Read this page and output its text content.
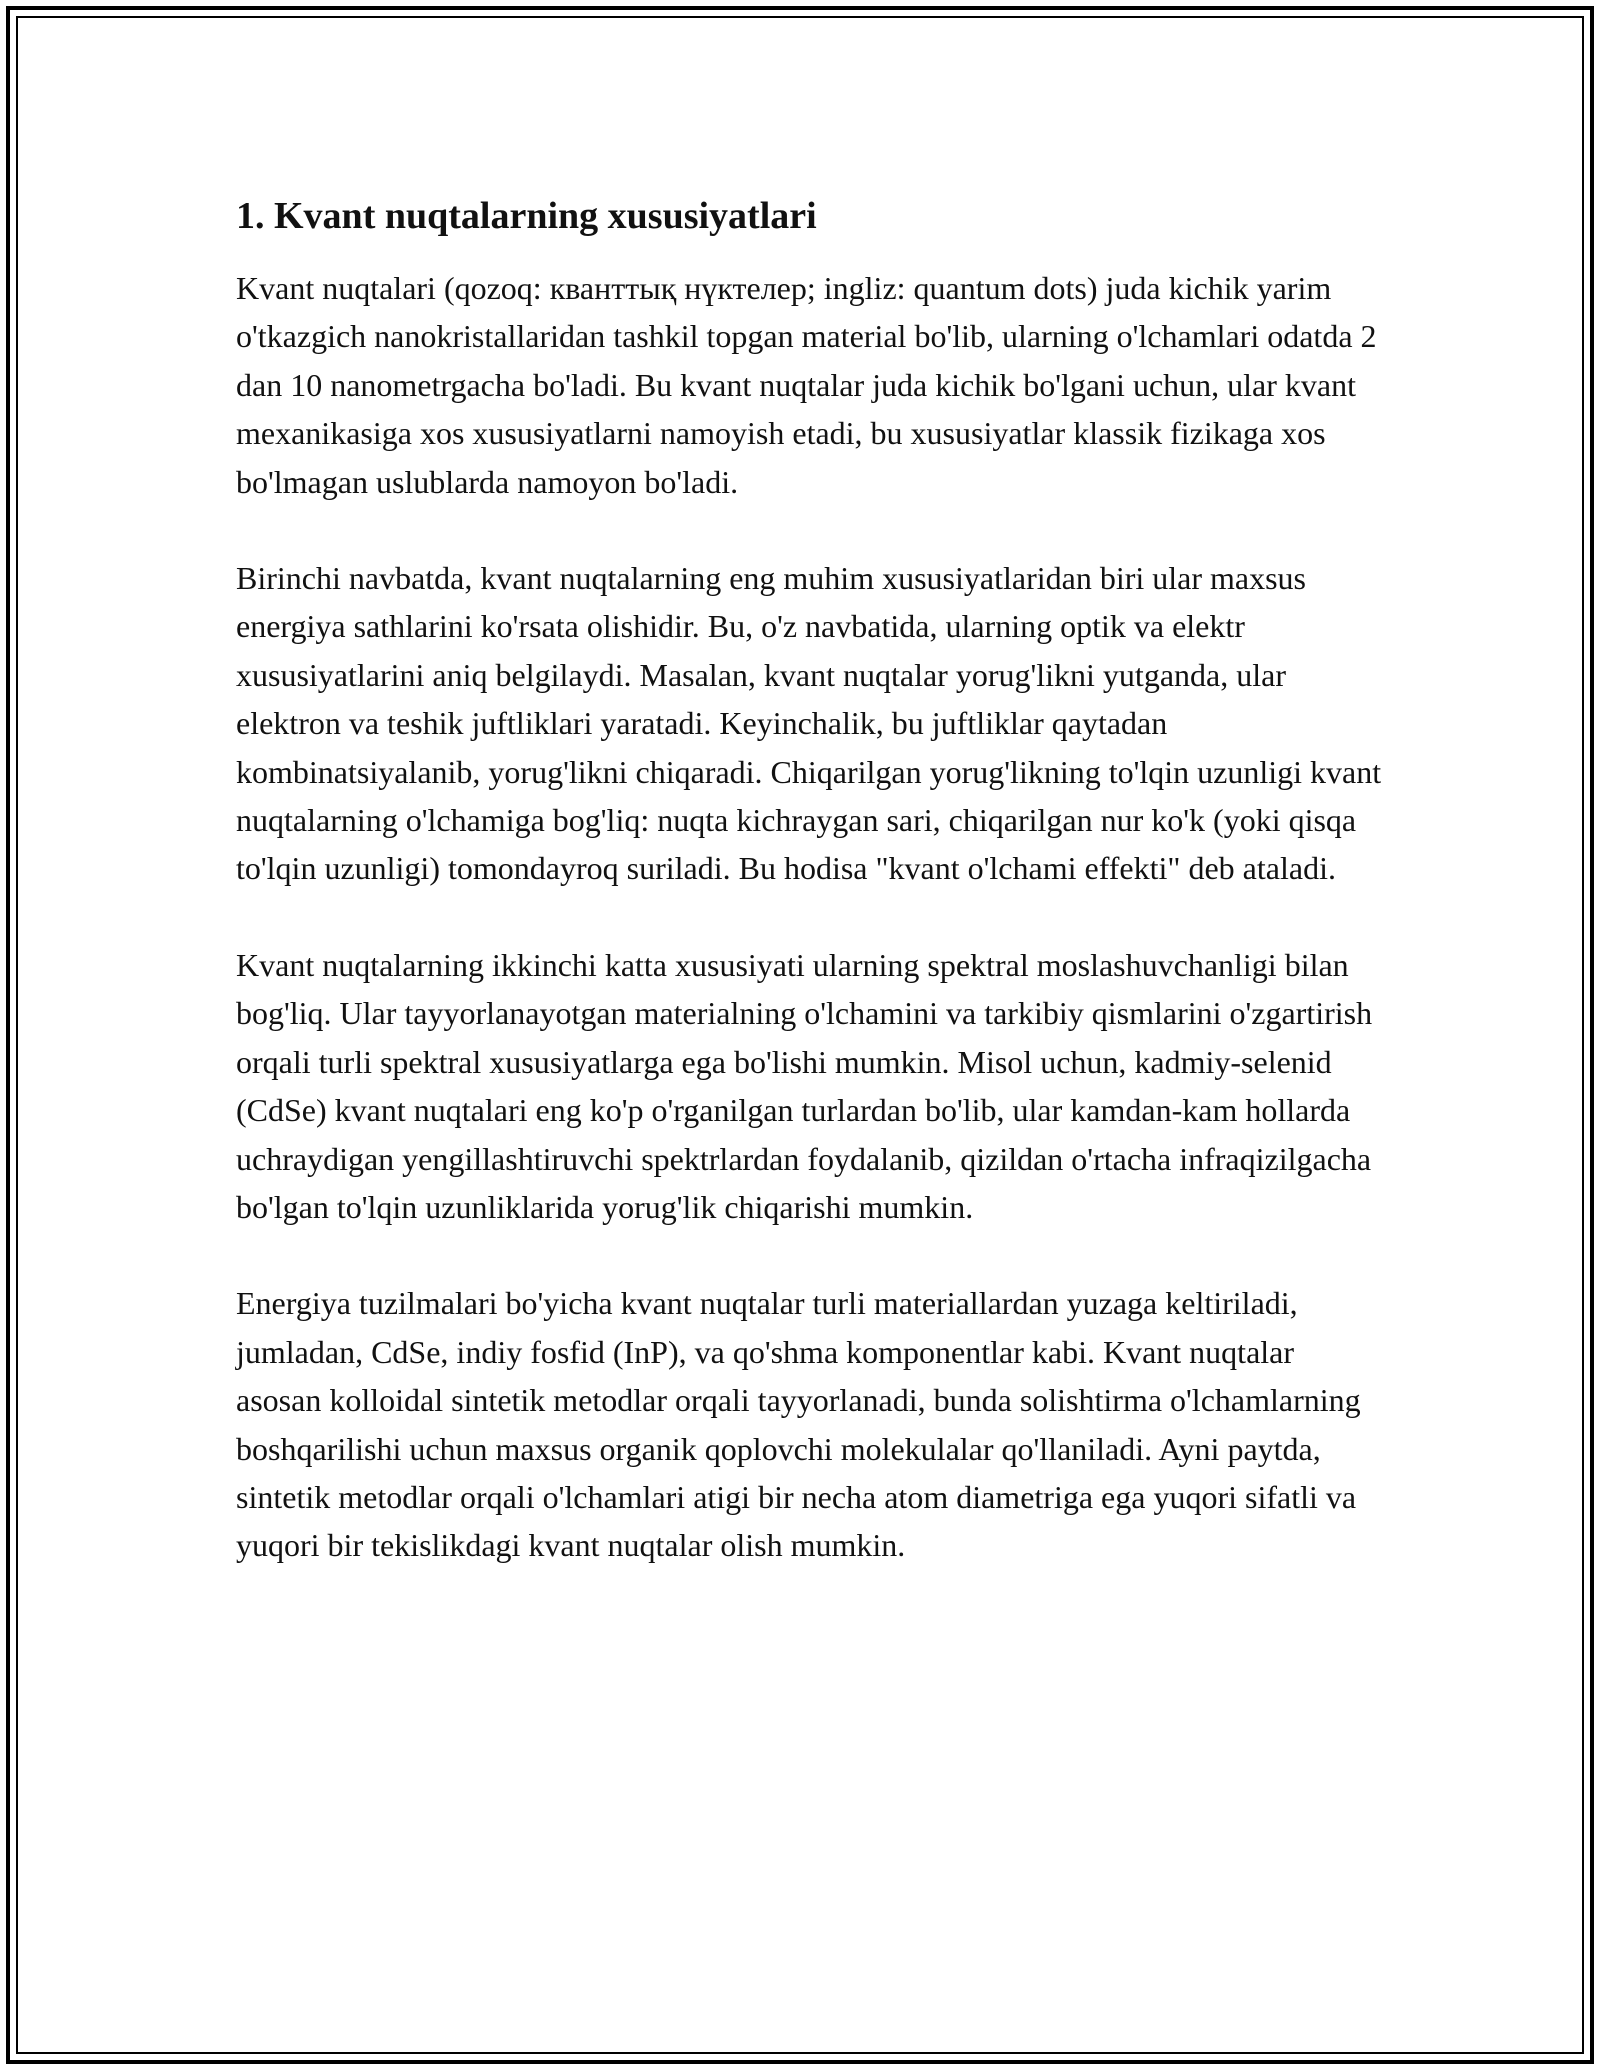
1. Kvant nuqtalarning xususiyatlari

Kvant nuqtalari (qozoq: кванттық нүктелер; ingliz: quantum dots) juda kichik yarim o'tkazgich nanokristallaridan tashkil topgan material bo'lib, ularning o'lchamlari odatda 2 dan 10 nanometrgacha bo'ladi. Bu kvant nuqtalar juda kichik bo'lgani uchun, ular kvant mexanikasiga xos xususiyatlarni namoyish etadi, bu xususiyatlar klassik fizikaga xos bo'lmagan uslublarda namoyon bo'ladi.

Birinchi navbatda, kvant nuqtalarning eng muhim xususiyatlaridan biri ular maxsus energiya sathlarini ko'rsata olishidir. Bu, o'z navbatida, ularning optik va elektr xususiyatlarini aniq belgilaydi. Masalan, kvant nuqtalar yorug'likni yutganda, ular elektron va teshik juftliklari yaratadi. Keyinchalik, bu juftliklar qaytadan kombinatsiyalanib, yorug'likni chiqaradi. Chiqarilgan yorug'likning to'lqin uzunligi kvant nuqtalarning o'lchamiga bog'liq: nuqta kichraygan sari, chiqarilgan nur ko'k (yoki qisqa to'lqin uzunligi) tomondayroq suriladi. Bu hodisa "kvant o'lchami effekti" deb ataladi.

Kvant nuqtalarning ikkinchi katta xususiyati ularning spektral moslashuvchanligi bilan bog'liq. Ular tayyorlanayotgan materialning o'lchamini va tarkibiy qismlarini o'zgartirish orqali turli spektral xususiyatlarga ega bo'lishi mumkin. Misol uchun, kadmiy-selenid (CdSe) kvant nuqtalari eng ko'p o'rganilgan turlardan bo'lib, ular kamdan-kam hollarda uchraydigan yengillashtiruvchi spektrlardan foydalanib, qizildan o'rtacha infraqizilgacha bo'lgan to'lqin uzunliklarida yorug'lik chiqarishi mumkin.

Energiya tuzilmalari bo'yicha kvant nuqtalar turli materiallardan yuzaga keltiriladi, jumladan, CdSe, indiy fosfid (InP), va qo'shma komponentlar kabi. Kvant nuqtalar asosan kolloidal sintetik metodlar orqali tayyorlanadi, bunda solishtirma o'lchamlarning boshqarilishi uchun maxsus organik qoplovchi molekulalar qo'llaniladi. Ayni paytda, sintetik metodlar orqali o'lchamlari atigi bir necha atom diametriga ega yuqori sifatli va yuqori bir tekislikdagi kvant nuqtalar olish mumkin.
